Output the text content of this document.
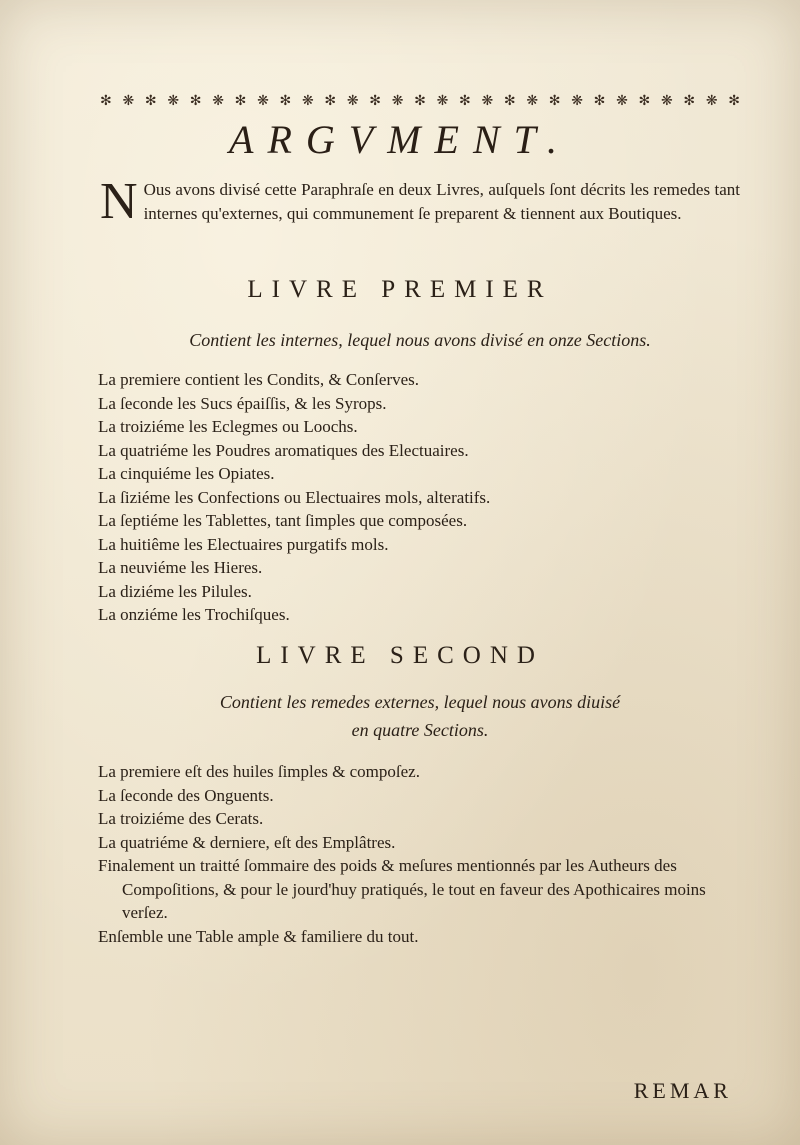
✻ ❋ ✻ ❋ ✻ ❋ ✻ ❋ ✻ ❋ ✻ ❋ ✻ ❋ ✻ ❋ ✻ ❋ ✻ ❋ ✻ ❋ ✻ ❋ ✻ ❋ ✻ ❋ ✻
ARGVMENT.
N Ous avons divisé cette Paraphraſe en deux Livres, auſquels ſont décrits les remedes tant internes qu'externes, qui communement ſe preparent & tiennent aux Boutiques.
LIVRE PREMIER
Contient les internes, lequel nous avons divisé en onze Sections.
La premiere contient les Condits, & Conſerves.
La ſeconde les Sucs épaiſſis, & les Syrops.
La troiziéme les Eclegmes ou Loochs.
La quatriéme les Poudres aromatiques des Electuaires.
La cinquiéme les Opiates.
La ſiziéme les Confections ou Electuaires mols, alteratifs.
La ſeptiéme les Tablettes, tant ſimples que composées.
La huitiême les Electuaires purgatifs mols.
La neuviéme les Hieres.
La diziéme les Pilules.
La onziéme les Trochiſques.
LIVRE SECOND
Contient les remedes externes, lequel nous avons diuisé
en quatre Sections.
La premiere eſt des huiles ſimples & compoſez.
La ſeconde des Onguents.
La troiziéme des Cerats.
La quatriéme & derniere, eſt des Emplâtres.
Finalement un traitté ſommaire des poids & meſures mentionnés par les Autheurs des Compoſitions, & pour le jourd'huy pratiqués, le tout en faveur des Apothicaires moins verſez.
Enſemble une Table ample & familiere du tout.
REMAR
